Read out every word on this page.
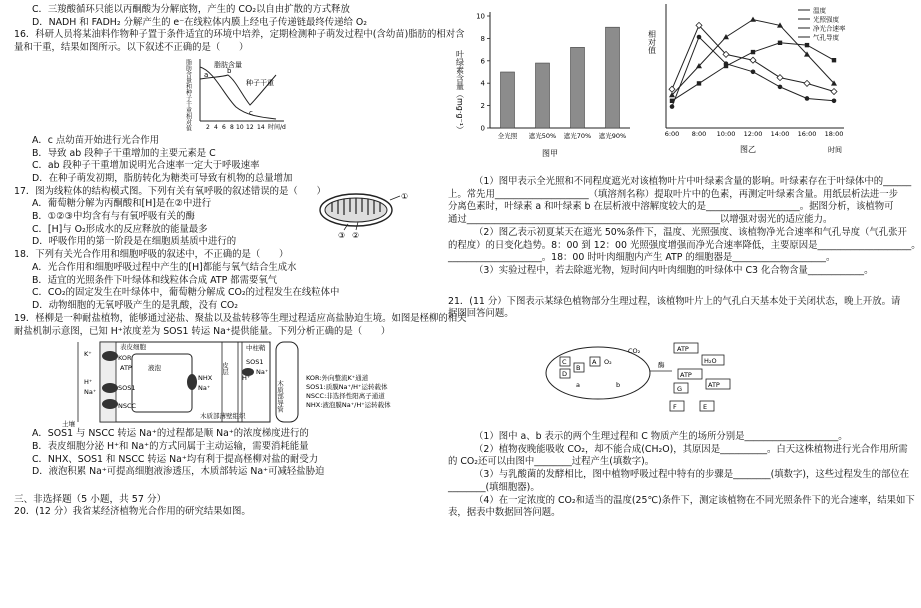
C．三羧酸循环只能以丙酮酸为分解底物，产生的 CO₂以自由扩散的方式释放
D．NADH 和 FADH₂ 分解产生的 e⁻在线粒体内膜上经电子传递链最终传递给 O₂
16．科研人员将某油料作物种子置于条件适宜的环境中培养，定期检测种子萌发过程中(含幼苗)脂肪的相对含
量和干重，结果如图所示。以下叙述不正确的是（　　）
脂肪含量和种子干重相对值	脂肪含量
种子干重
a	b
c
2 4 6 8 10 12 14 时间/d
A．c 点幼苗开始进行光合作用
B．导致 ab 段种子干重增加的主要元素是 C
C．ab 段种子干重增加说明光合速率一定大于呼吸速率
D．在种子萌发初期，脂肪转化为糖类可导致有机物的总量增加
17．图为线粒体的结构模式图。下列有关有氧呼吸的叙述错误的是（　　）
A．葡萄糖分解为丙酮酸和[H]是在②中进行
B．①②③中均含有与有氧呼吸有关的酶
C．[H]与 O₂形成水的反应释放的能量最多
D．呼吸作用的第一阶段是在细胞质基质中进行的
①
③ ②
18．下列有关光合作用和细胞呼吸的叙述中，不正确的是（　　）
A．光合作用和细胞呼吸过程中产生的[H]都能与氧气结合生成水
B．适宜的光照条件下叶绿体和线粒体合成 ATP 都需要氧气
C．CO₂的固定发生在叶绿体中，葡萄糖分解成 CO₂的过程发生在线粒体中
D．动物细胞的无氧呼吸产生的是乳酸，没有 CO₂
19．柽柳是一种耐盐植物，能够通过泌盐、聚盐以及盐转移等生理过程适应高盐胁迫生境。如图是柽柳的相关
耐盐机制示意图，已知 H⁺浓度差为 SOS1 转运 Na⁺提供能量。下列分析正确的是（　　）
表皮细胞
液泡
KOR
ATP
SOS1
NSCC
NHX
Na⁺
K⁺
H⁺
Na⁺
土壤
皮层
木质部薄壁组织
中柱鞘
SOS1
Na⁺
H⁺
木质部导管
KOR:外向整流K⁺通道
SOS1:质膜Na⁺/H⁺运转载体
NSCC:非选择性阳离子通道
NHX:液泡膜Na⁺/H⁺运转载体
A．SOS1 与 NSCC 转运 Na⁺的过程都是顺 Na⁺的浓度梯度进行的
B．表皮细胞分泌 H⁺和 Na⁺的方式同属于主动运输，需要消耗能量
C．NHX、SOS1 和 NSCC 转运 Na⁺均有利于提高柽柳对盐的耐受力
D．液泡积累 Na⁺可提高细胞液渗透压，木质部转运 Na⁺可减轻盐胁迫
三、非选择题（5 小题，共 57 分）
20．(12 分）我省某经济植物光合作用的研究结果如图。
叶绿素含量（mg·g⁻¹） 0
2
4
6
8
10
全光照 遮光50% 遮光70% 遮光90%
图甲
相对值
6:00 8:00 10:00 12:00 14:00 16:00 18:00
温度
光照强度
净光合速率
气孔导度
图乙	时间
（1）图甲表示全光照和不同程度遮光对该植物叶片中叶绿素含量的影响。叶绿素存在于叶绿体中的______
上。常先用____________________（填溶剂名称）提取叶片中的色素，再测定叶绿素含量。用纸层析法进一步
分离色素时，叶绿素 a 和叶绿素 b 在层析液中溶解度较大的是____________________。据图分析，该植物可
通过______________________________________________________以增强对弱光的适应能力。
（2）图乙表示初夏某天在遮光 50%条件下，温度、光照强度、该植物净光合速率和气孔导度（气孔张开
的程度）的日变化趋势。8：00 到 12：00 光照强度增强而净光合速率降低，主要原因是____________________。
____________________。18：00 时叶肉细胞内产生 ATP 的细胞器是____________________。
（3）实验过程中，若去除遮光物，短时间内叶肉细胞的叶绿体中 C3 化合物含量____________。
21．(11 分）下图表示某绿色植物部分生理过程，该植物叶片上的气孔白天基本处于关闭状态，晚上开放。请
据图回答问题。
C
D
B
A O₂
CO₂
a	b
ATP
H₂O
ATP
ATP
G
F	E
酶
（1）图中 a、b 表示的两个生理过程和 C 物质产生的场所分别是____________________。
（2）植物夜晚能吸收 CO₂，却不能合成(CH₂O)，其原因是__________。白天这株植物进行光合作用所需
的 CO₂还可以由图中________过程产生(填数字)。
（3）与乳酸菌的发酵相比，图中植物呼吸过程中特有的步骤是________(填数字)，这些过程发生的部位在
________(填细胞器)。
（4）在一定浓度的 CO₂和适当的温度(25℃)条件下，测定该植物在不同光照条件下的光合速率，结果如下
表，据表中数据回答问题。
